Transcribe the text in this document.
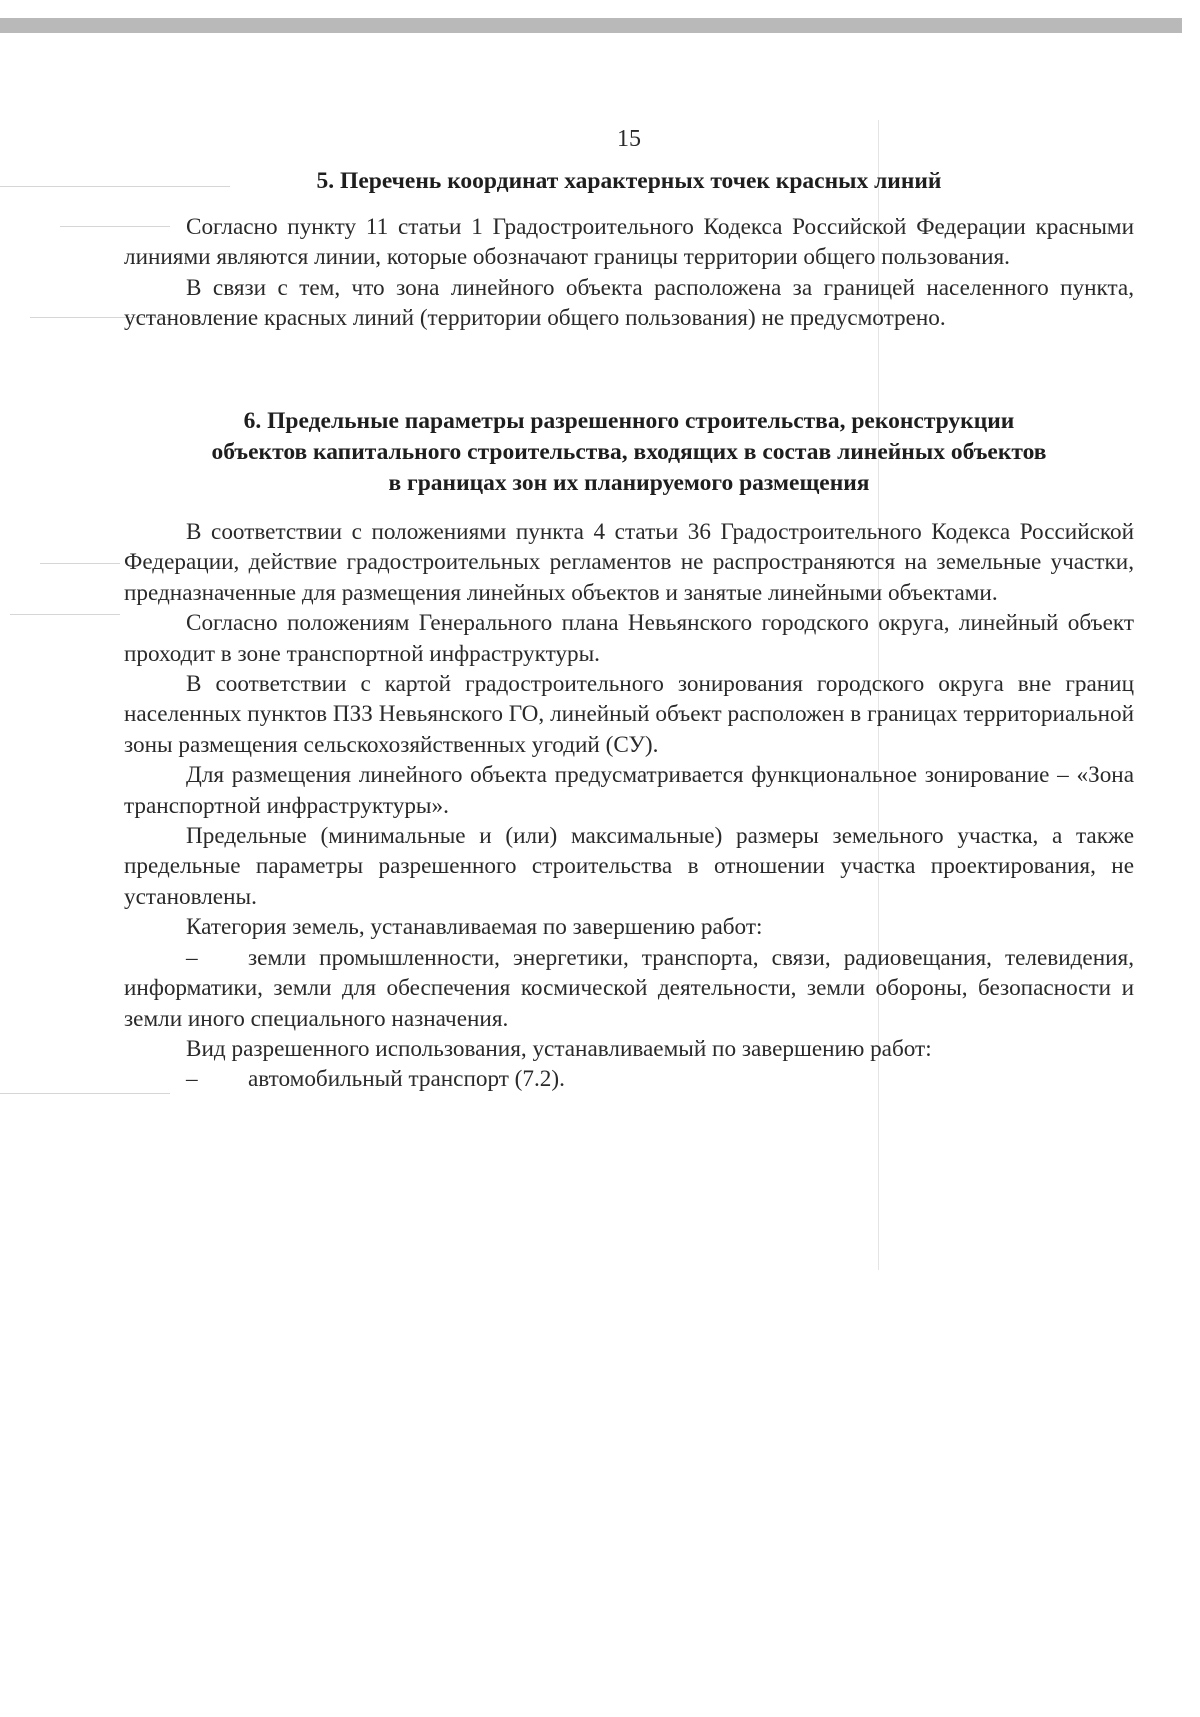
15

5. Перечень координат характерных точек красных линий

Согласно пункту 11 статьи 1 Градостроительного Кодекса Российской Федерации красными линиями являются линии, которые обозначают границы территории общего пользования.

В связи с тем, что зона линейного объекта расположена за границей населенного пункта, установление красных линий (территории общего пользования) не предусмотрено.

6. Предельные параметры разрешенного строительства, реконструкции

объектов капитального строительства, входящих в состав линейных объектов

в границах зон их планируемого размещения

В соответствии с положениями пункта 4 статьи 36 Градостроительного Кодекса Российской Федерации, действие градостроительных регламентов не распространяются на земельные участки, предназначенные для размещения линейных объектов и занятые линейными объектами.

Согласно положениям Генерального плана Невьянского городского округа, линейный объект проходит в зоне транспортной инфраструктуры.

В соответствии с картой градостроительного зонирования городского округа вне границ населенных пунктов ПЗЗ Невьянского ГО, линейный объект расположен в границах территориальной зоны размещения сельскохозяйственных угодий (СУ).

Для размещения линейного объекта предусматривается функциональное зонирование – «Зона транспортной инфраструктуры».

Предельные (минимальные и (или) максимальные) размеры земельного участка, а также предельные параметры разрешенного строительства в отношении участка проектирования, не установлены.

Категория земель, устанавливаемая по завершению работ:

– земли промышленности, энергетики, транспорта, связи, радиовещания, телевидения, информатики, земли для обеспечения космической деятельности, земли обороны, безопасности и земли иного специального назначения.

Вид разрешенного использования, устанавливаемый по завершению работ:

– автомобильный транспорт (7.2).
